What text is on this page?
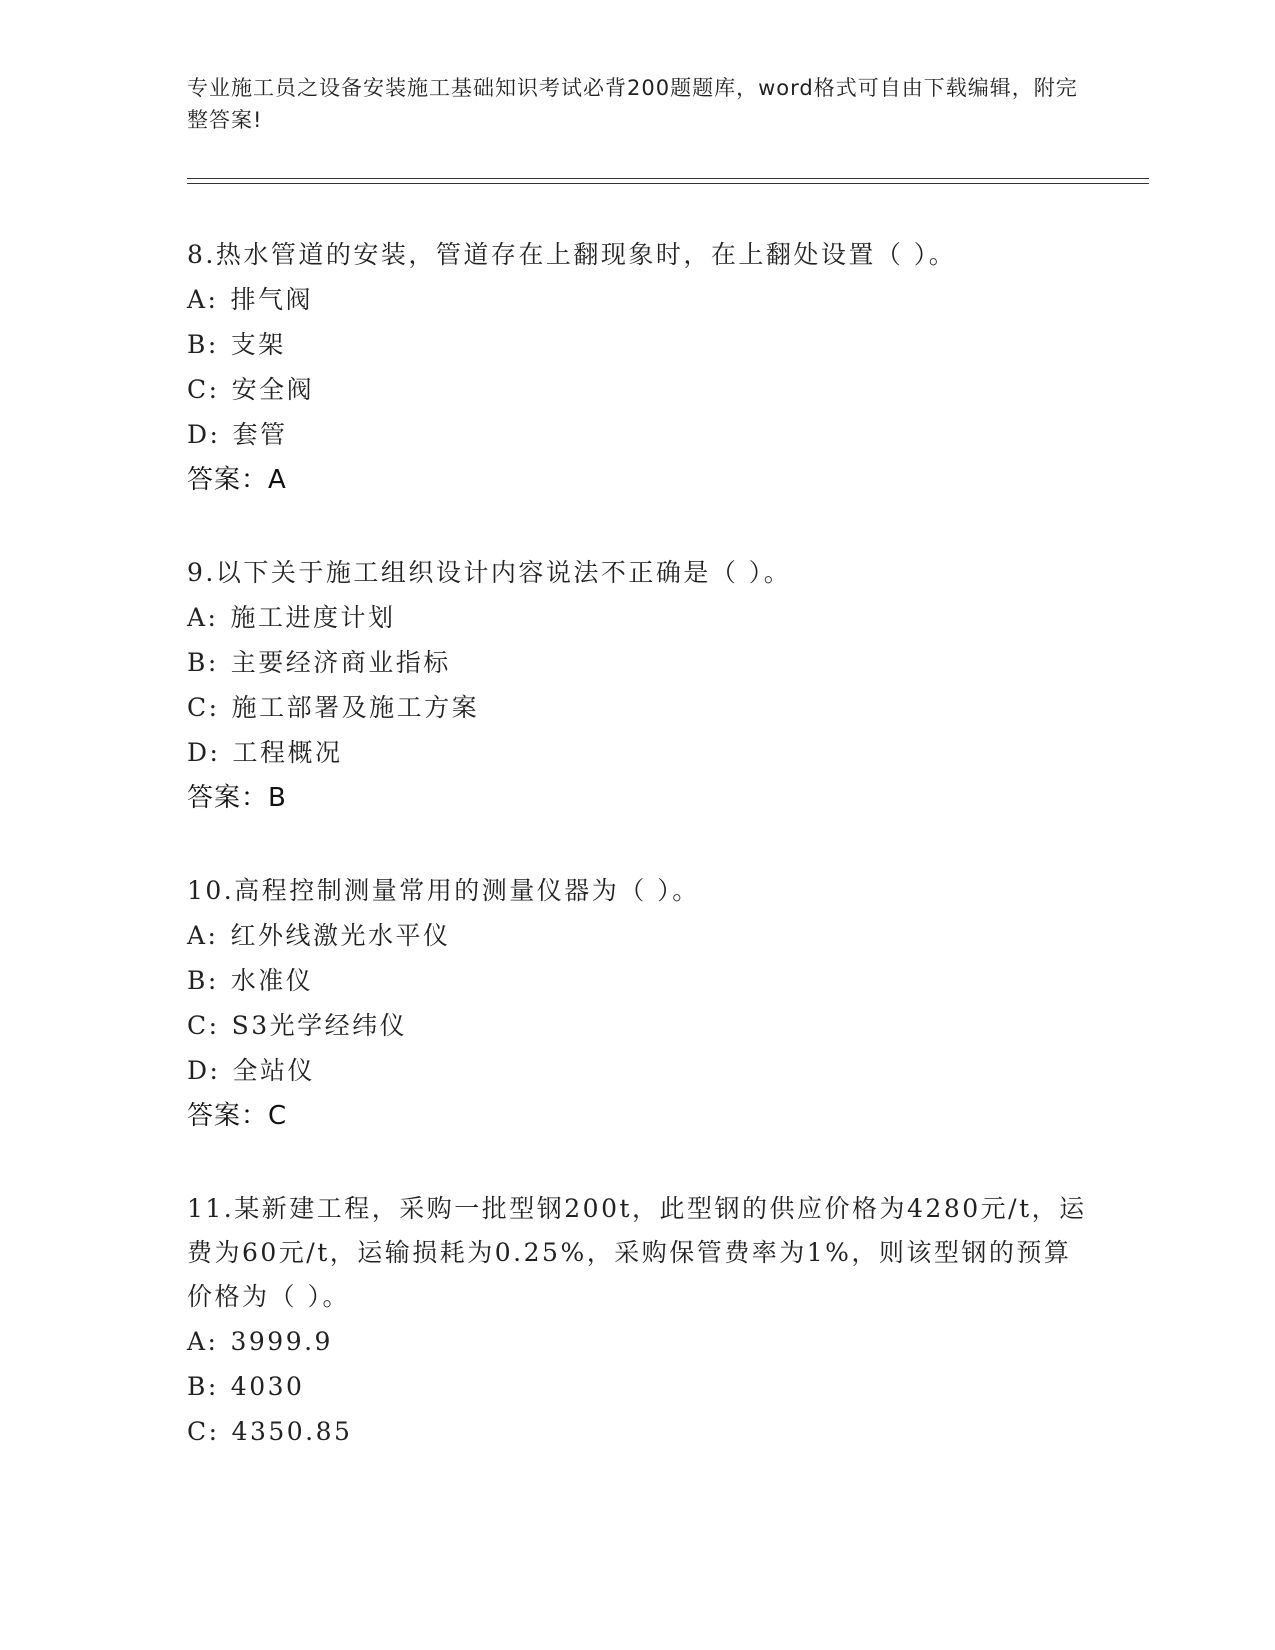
专业施工员之设备安装施工基础知识考试必背200题题库，word格式可自由下载编辑，附完整答案!
8.热水管道的安装，管道存在上翻现象时，在上翻处设置（ ）。
A: 排气阀
B: 支架
C: 安全阀
D: 套管
答案：A
9.以下关于施工组织设计内容说法不正确是（ ）。
A: 施工进度计划
B: 主要经济商业指标
C: 施工部署及施工方案
D: 工程概况
答案：B
10.高程控制测量常用的测量仪器为（ ）。
A: 红外线激光水平仪
B: 水准仪
C: S3光学经纬仪
D: 全站仪
答案：C
11.某新建工程，采购一批型钢200t，此型钢的供应价格为4280元/t，运费为60元/t，运输损耗为0.25%，采购保管费率为1%，则该型钢的预算价格为（ ）。
A: 3999.9
B: 4030
C: 4350.85
